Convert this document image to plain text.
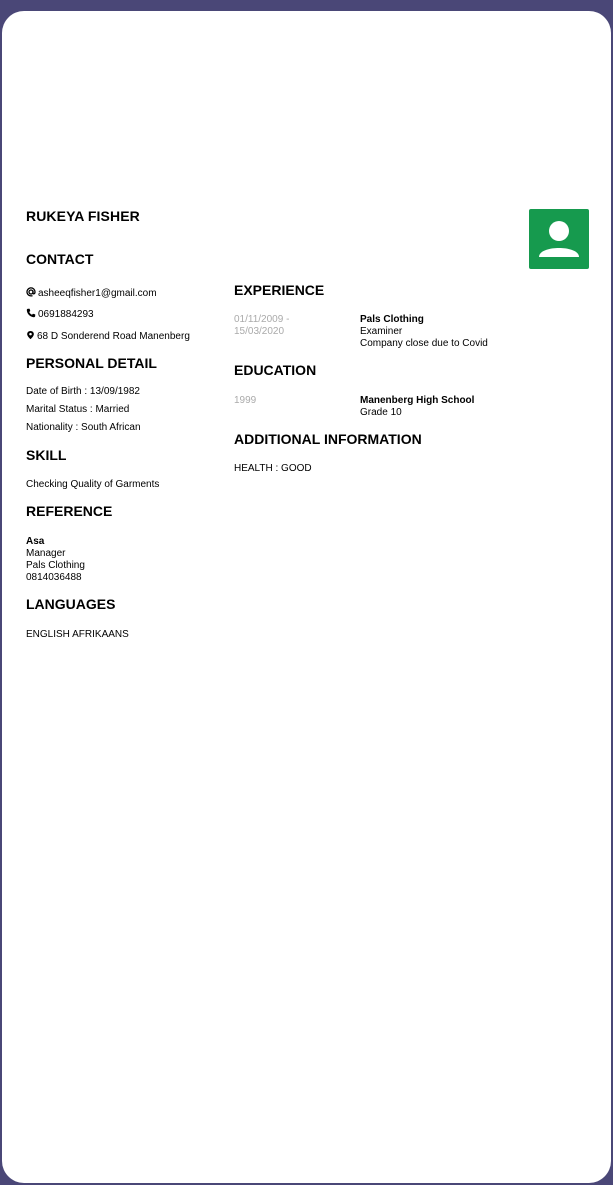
RUKEYA FISHER
CONTACT
asheeqfisher1@gmail.com
0691884293
68 D Sonderend Road Manenberg
PERSONAL DETAIL
Date of Birth : 13/09/1982
Marital Status : Married
Nationality : South African
SKILL
Checking Quality of Garments
REFERENCE
Asa
Manager
Pals Clothing
0814036488
LANGUAGES
ENGLISH AFRIKAANS
EXPERIENCE
01/11/2009 -
15/03/2020
Pals Clothing
Examiner
Company close due to Covid
EDUCATION
1999	Manenberg High School
Grade 10
ADDITIONAL INFORMATION
HEALTH : GOOD
